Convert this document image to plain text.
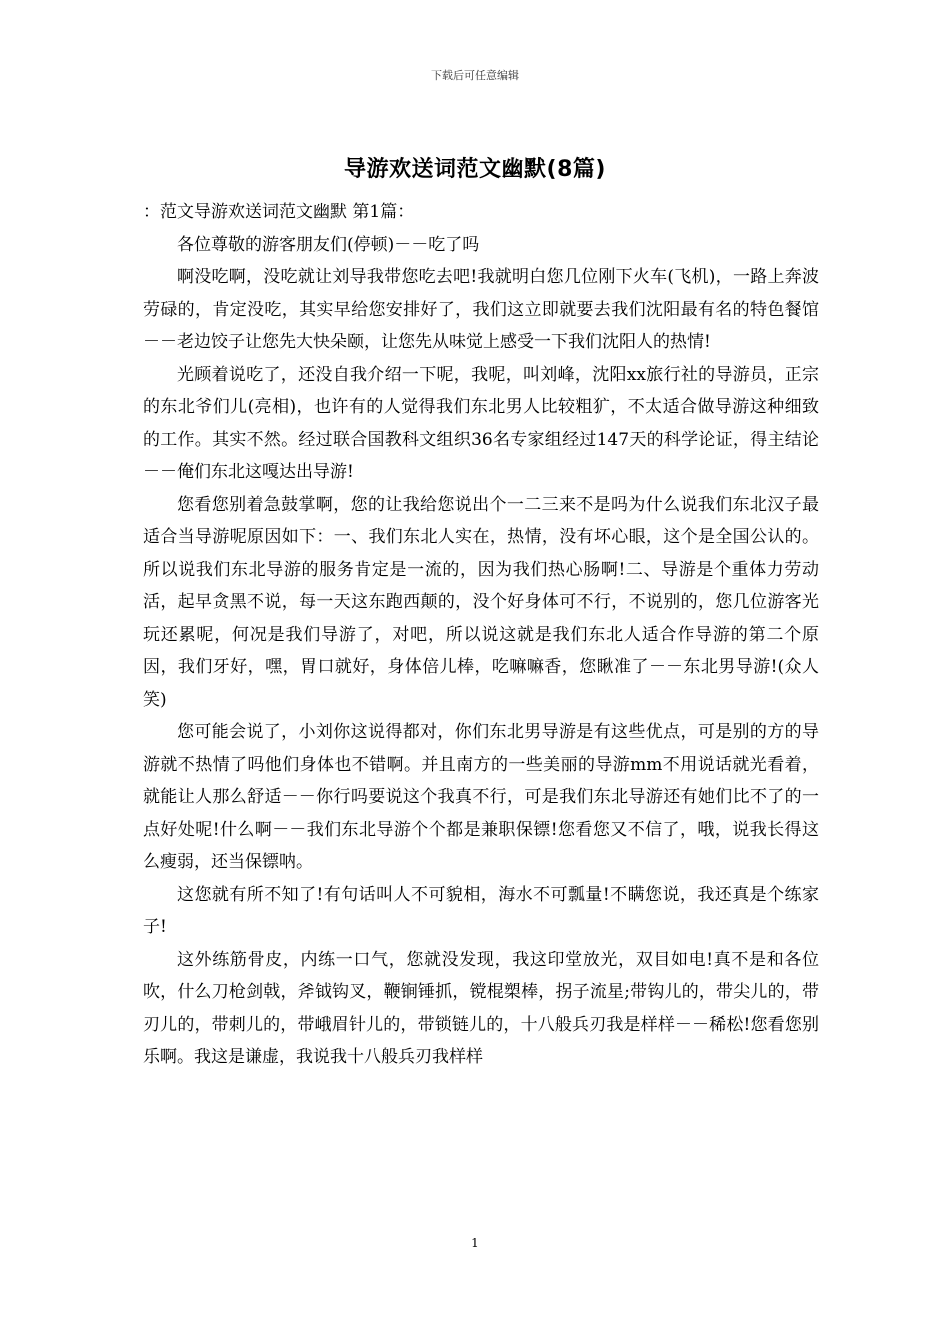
下载后可任意编辑
导游欢送词范文幽默(8篇)

：范文导游欢送词范文幽默 第1篇：

各位尊敬的游客朋友们(停顿)－－吃了吗

啊没吃啊，没吃就让刘导我带您吃去吧!我就明白您几位刚下火车(飞机)，一路上奔波劳碌的，肯定没吃，其实早给您安排好了，我们这立即就要去我们沈阳最有名的特色餐馆－－老边饺子让您先大快朵颐，让您先从味觉上感受一下我们沈阳人的热情!

光顾着说吃了，还没自我介绍一下呢，我呢，叫刘峰，沈阳xx旅行社的导游员，正宗的东北爷们儿(亮相)，也许有的人觉得我们东北男人比较粗犷，不太适合做导游这种细致的工作。其实不然。经过联合国教科文组织36名专家组经过147天的科学论证，得主结论－－俺们东北这嘎达出导游!

您看您别着急鼓掌啊，您的让我给您说出个一二三来不是吗为什么说我们东北汉子最适合当导游呢原因如下：一、我们东北人实在，热情，没有坏心眼，这个是全国公认的。所以说我们东北导游的服务肯定是一流的，因为我们热心肠啊!二、导游是个重体力劳动活，起早贪黑不说，每一天这东跑西颠的，没个好身体可不行，不说别的，您几位游客光玩还累呢，何况是我们导游了，对吧，所以说这就是我们东北人适合作导游的第二个原因，我们牙好，嘿，胃口就好，身体倍儿棒，吃嘛嘛香，您瞅准了－－东北男导游!(众人笑)

您可能会说了，小刘你这说得都对，你们东北男导游是有这些优点，可是别的方的导游就不热情了吗他们身体也不错啊。并且南方的一些美丽的导游mm不用说话就光看着，就能让人那么舒适－－你行吗要说这个我真不行，可是我们东北导游还有她们比不了的一点好处呢!什么啊－－我们东北导游个个都是兼职保镖!您看您又不信了，哦，说我长得这么瘦弱，还当保镖呐。

这您就有所不知了!有句话叫人不可貌相，海水不可瓢量!不瞒您说，我还真是个练家子!

这外练筋骨皮，内练一口气，您就没发现，我这印堂放光，双目如电!真不是和各位吹，什么刀枪剑戟，斧钺钩叉，鞭锏锤抓，镋棍槊棒，拐子流星;带钩儿的，带尖儿的，带刃儿的，带刺儿的，带峨眉针儿的，带锁链儿的，十八般兵刃我是样样－－稀松!您看您别乐啊。我这是谦虚，我说我十八般兵刃我样样

1
